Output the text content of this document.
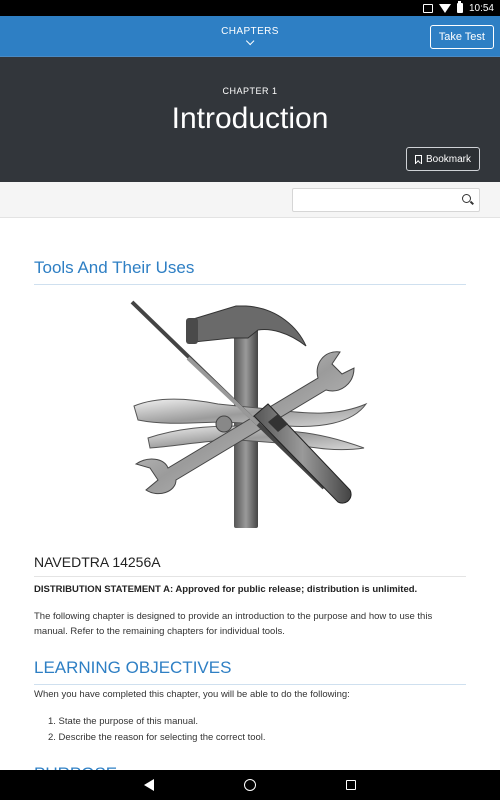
10:54
CHAPTERS	Take Test
CHAPTER 1
Introduction
Bookmark
Tools And Their Uses
NAVEDTRA 14256A

DISTRIBUTION STATEMENT A: Approved for public release; distribution is unlimited.

The following chapter is designed to provide an introduction to the purpose and how to use this manual. Refer to the remaining chapters for individual tools.

LEARNING OBJECTIVES

When you have completed this chapter, you will be able to do the following:

1. State the purpose of this manual.
2. Describe the reason for selecting the correct tool.
